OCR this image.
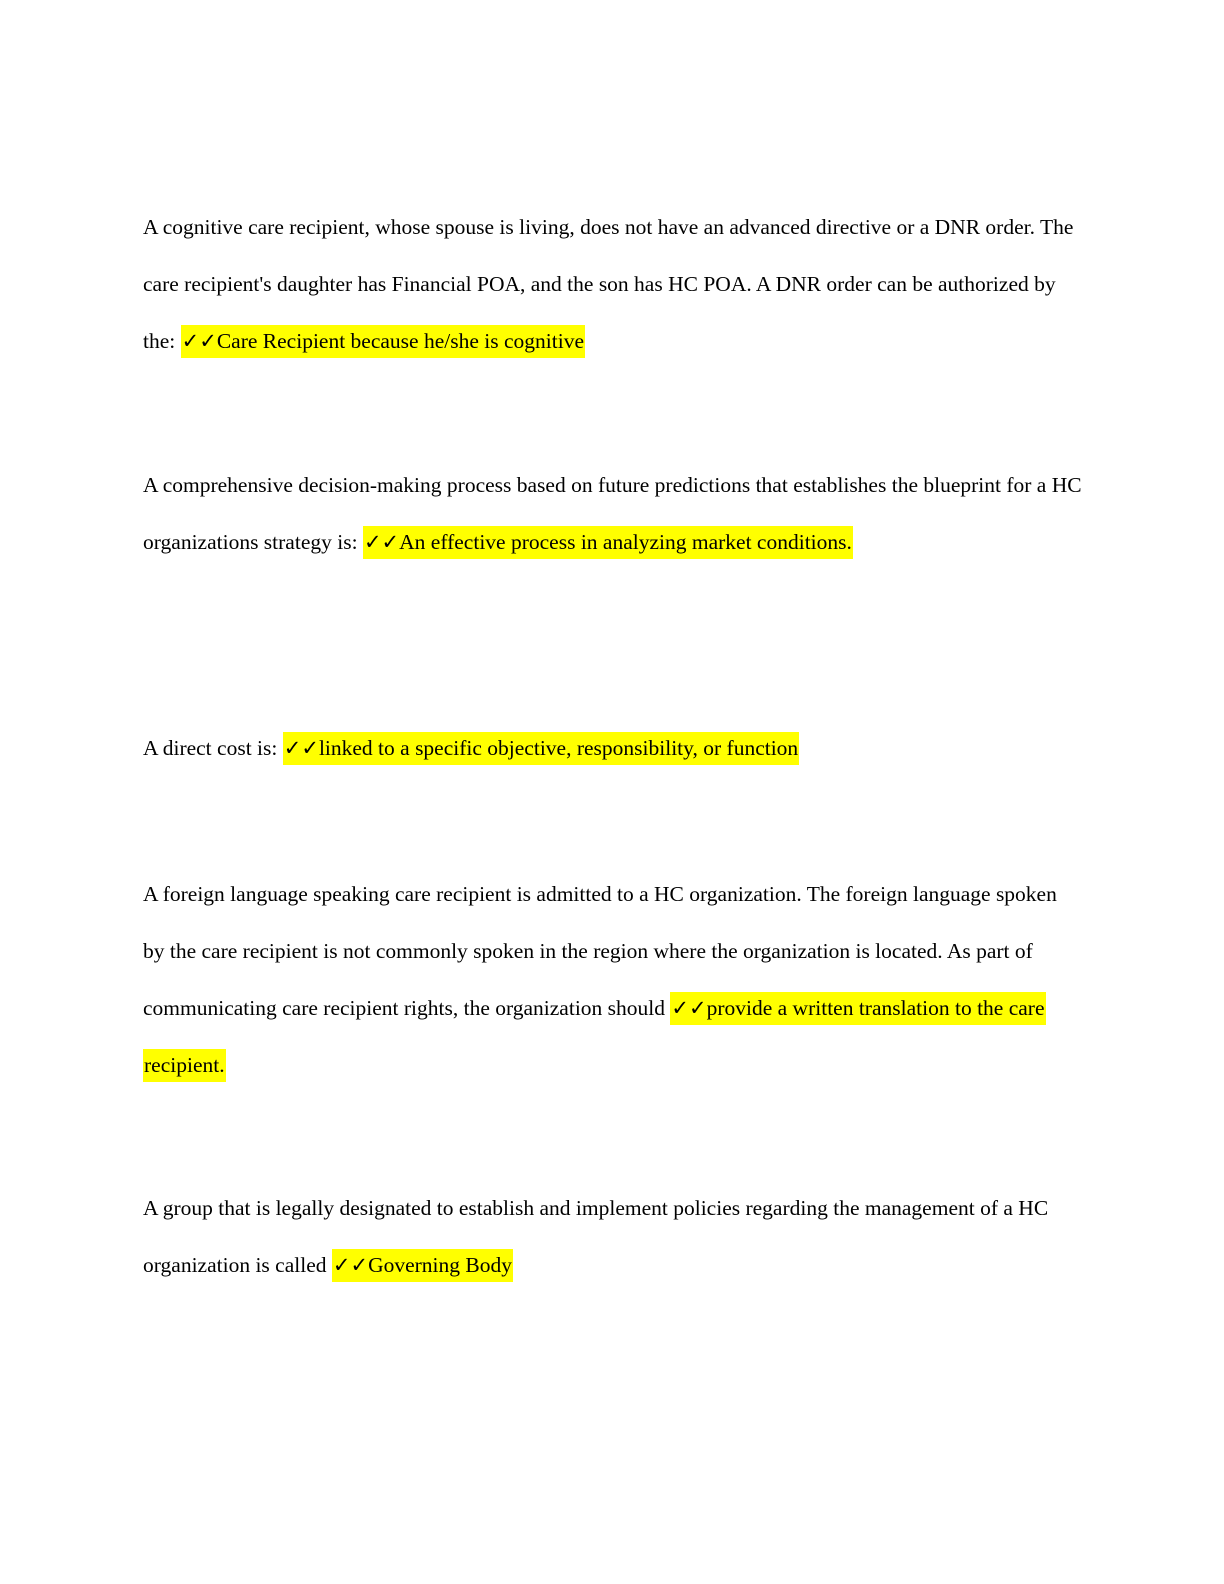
A cognitive care recipient, whose spouse is living, does not have an advanced directive or a DNR order. The care recipient's daughter has Financial POA, and the son has HC POA. A DNR order can be authorized by the: ✓✓Care Recipient because he/she is cognitive

A comprehensive decision-making process based on future predictions that establishes the blueprint for a HC organizations strategy is: ✓✓An effective process in analyzing market conditions.

A direct cost is: ✓✓linked to a specific objective, responsibility, or function

A foreign language speaking care recipient is admitted to a HC organization. The foreign language spoken by the care recipient is not commonly spoken in the region where the organization is located. As part of communicating care recipient rights, the organization should ✓✓provide a written translation to the care recipient.

A group that is legally designated to establish and implement policies regarding the management of a HC organization is called ✓✓Governing Body
